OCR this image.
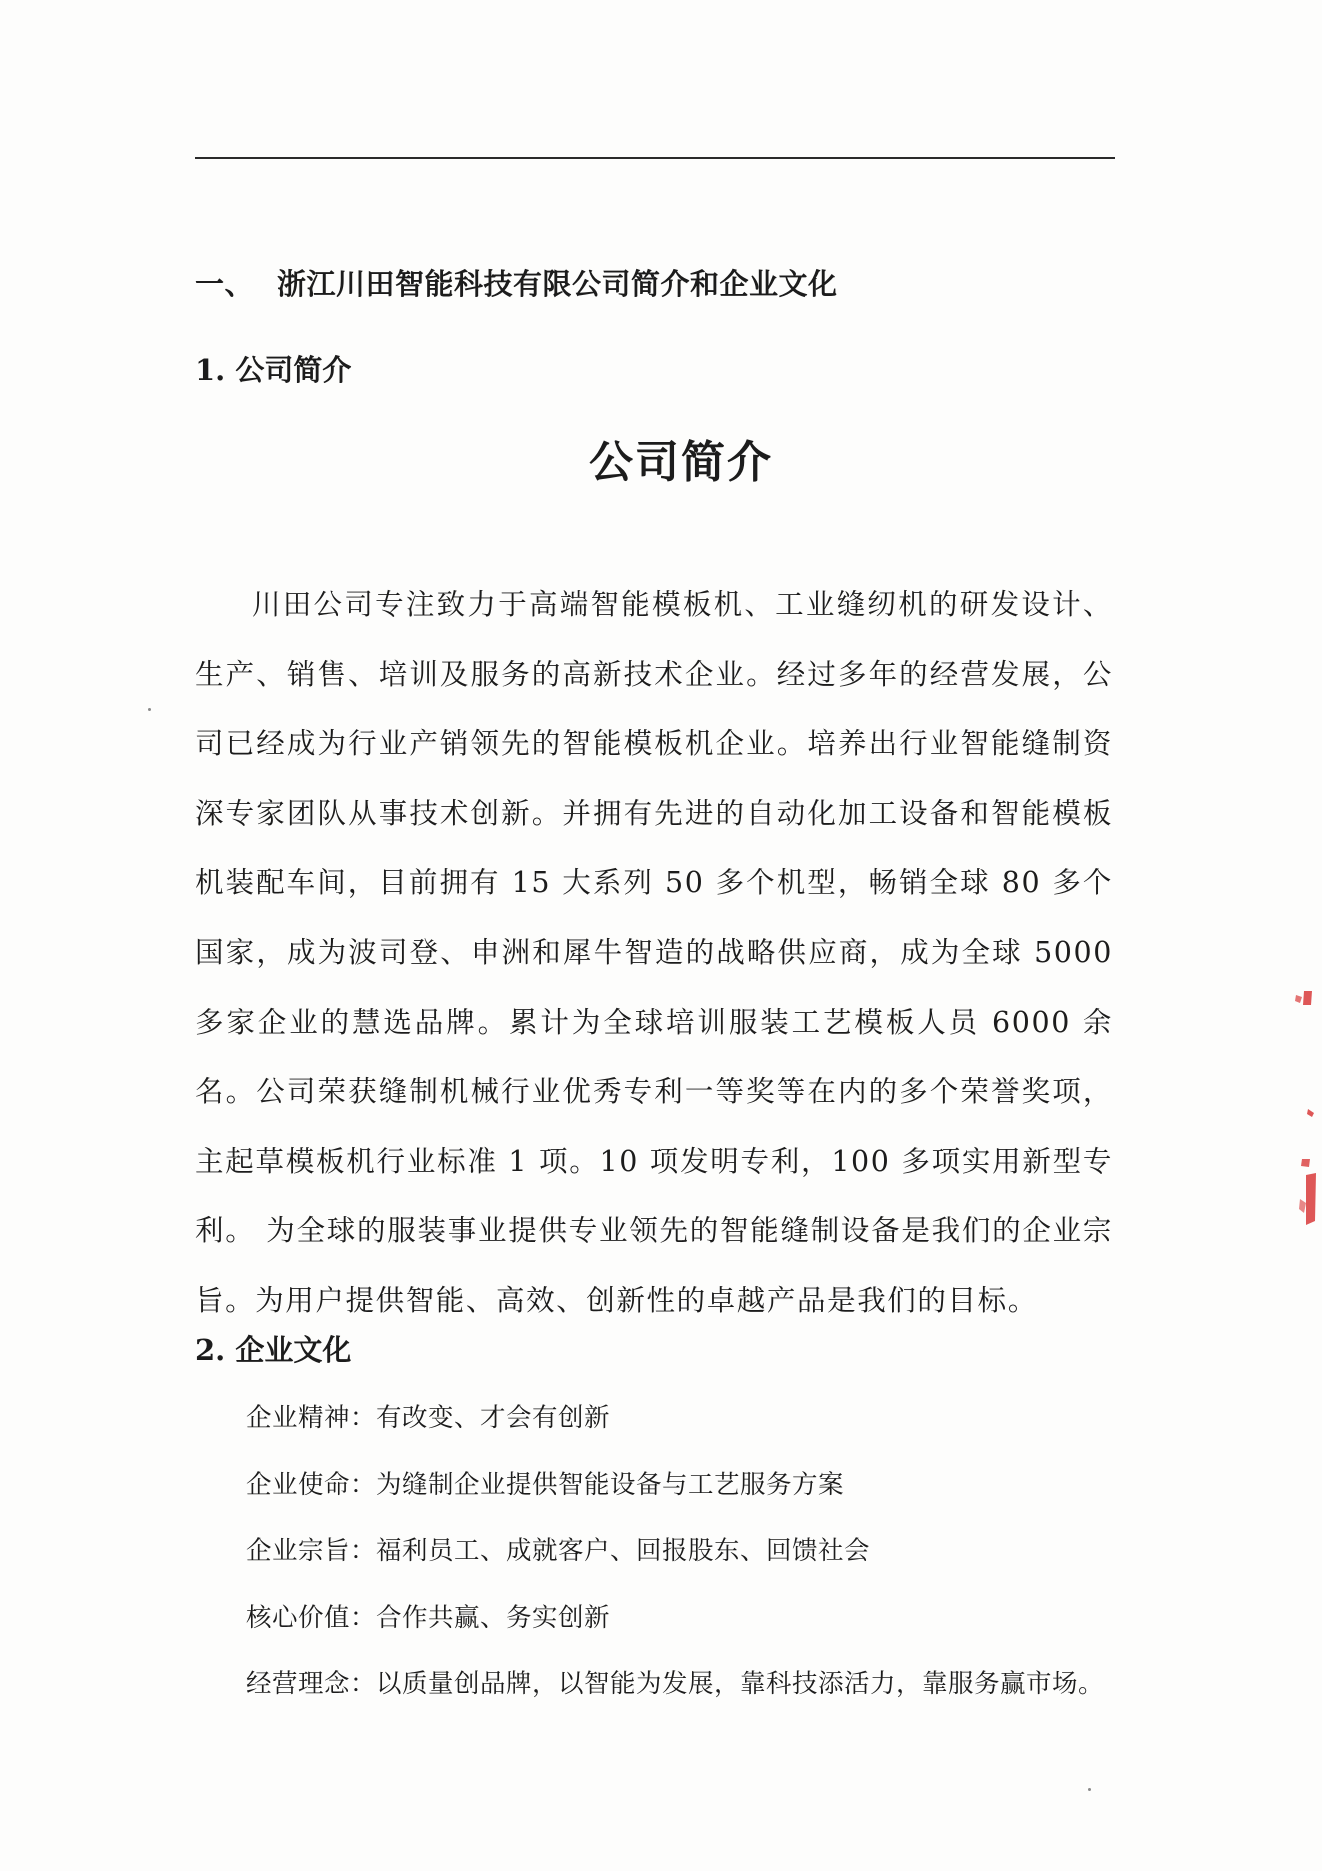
一、 浙江川田智能科技有限公司简介和企业文化
1. 公司简介
公司简介

川田公司专注致力于高端智能模板机、工业缝纫机的研发设计、生产、销售、培训及服务的高新技术企业。经过多年的经营发展，公司已经成为行业产销领先的智能模板机企业。培养出行业智能缝制资深专家团队从事技术创新。并拥有先进的自动化加工设备和智能模板机装配车间，目前拥有 15 大系列 50 多个机型，畅销全球 80 多个国家，成为波司登、申洲和犀牛智造的战略供应商，成为全球 5000 多家企业的慧选品牌。累计为全球培训服装工艺模板人员 6000 余名。公司荣获缝制机械行业优秀专利一等奖等在内的多个荣誉奖项，主起草模板机行业标准 1 项。10 项发明专利，100 多项实用新型专利。 为全球的服装事业提供专业领先的智能缝制设备是我们的企业宗旨。为用户提供智能、高效、创新性的卓越产品是我们的目标。

2. 企业文化
企业精神：有改变、才会有创新
企业使命：为缝制企业提供智能设备与工艺服务方案
企业宗旨：福利员工、成就客户、回报股东、回馈社会
核心价值：合作共赢、务实创新
经营理念：以质量创品牌，以智能为发展，靠科技添活力，靠服务赢市场。
